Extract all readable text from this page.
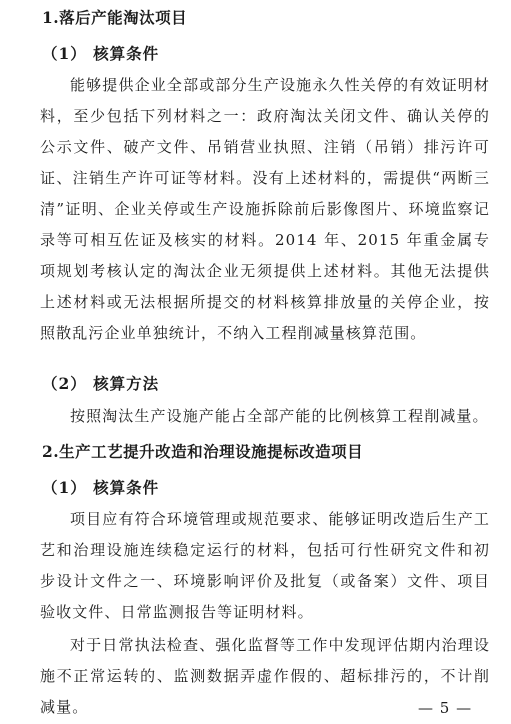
1.落后产能淘汰项目
（1） 核算条件
能够提供企业全部或部分生产设施永久性关停的有效证明材料，至少包括下列材料之一：政府淘汰关闭文件、确认关停的公示文件、破产文件、吊销营业执照、注销（吊销）排污许可证、注销生产许可证等材料。没有上述材料的，需提供“两断三清”证明、企业关停或生产设施拆除前后影像图片、环境监察记录等可相互佐证及核实的材料。2014 年、2015 年重金属专项规划考核认定的淘汰企业无须提供上述材料。其他无法提供上述材料或无法根据所提交的材料核算排放量的关停企业，按照散乱污企业单独统计，不纳入工程削减量核算范围。
（2） 核算方法
按照淘汰生产设施产能占全部产能的比例核算工程削减量。
2.生产工艺提升改造和治理设施提标改造项目
（1） 核算条件
项目应有符合环境管理或规范要求、能够证明改造后生产工艺和治理设施连续稳定运行的材料，包括可行性研究文件和初步设计文件之一、环境影响评价及批复（或备案）文件、项目验收文件、日常监测报告等证明材料。
对于日常执法检查、强化监督等工作中发现评估期内治理设施不正常运转的、监测数据弄虚作假的、超标排污的，不计削减量。	— 5 —
